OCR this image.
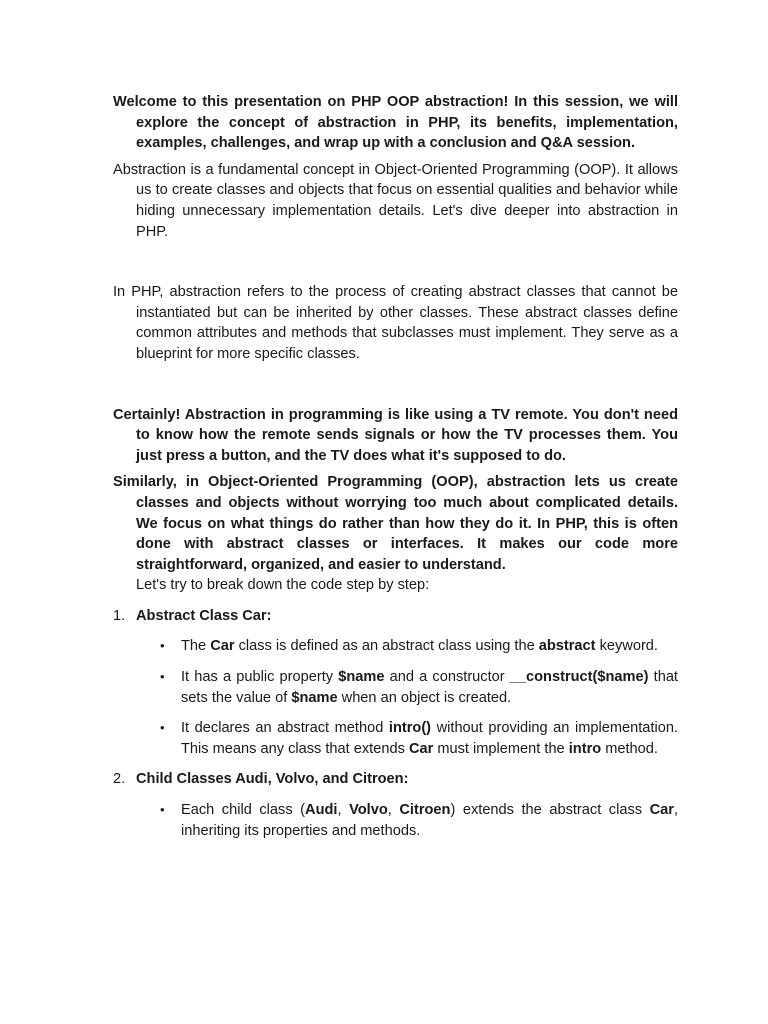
Welcome to this presentation on PHP OOP abstraction! In this session, we will explore the concept of abstraction in PHP, its benefits, implementation, examples, challenges, and wrap up with a conclusion and Q&A session.

Abstraction is a fundamental concept in Object-Oriented Programming (OOP). It allows us to create classes and objects that focus on essential qualities and behavior while hiding unnecessary implementation details. Let's dive deeper into abstraction in PHP.

In PHP, abstraction refers to the process of creating abstract classes that cannot be instantiated but can be inherited by other classes. These abstract classes define common attributes and methods that subclasses must implement. They serve as a blueprint for more specific classes.

Certainly! Abstraction in programming is like using a TV remote. You don't need to know how the remote sends signals or how the TV processes them. You just press a button, and the TV does what it's supposed to do.

Similarly, in Object-Oriented Programming (OOP), abstraction lets us create classes and objects without worrying too much about complicated details. We focus on what things do rather than how they do it. In PHP, this is often done with abstract classes or interfaces. It makes our code more straightforward, organized, and easier to understand.

Let's try to break down the code step by step:

1. Abstract Class Car:
• The Car class is defined as an abstract class using the abstract keyword.
• It has a public property $name and a constructor __construct($name) that sets the value of $name when an object is created.
• It declares an abstract method intro() without providing an implementation. This means any class that extends Car must implement the intro method.
2. Child Classes Audi, Volvo, and Citroen:
• Each child class (Audi, Volvo, Citroen) extends the abstract class Car, inheriting its properties and methods.
